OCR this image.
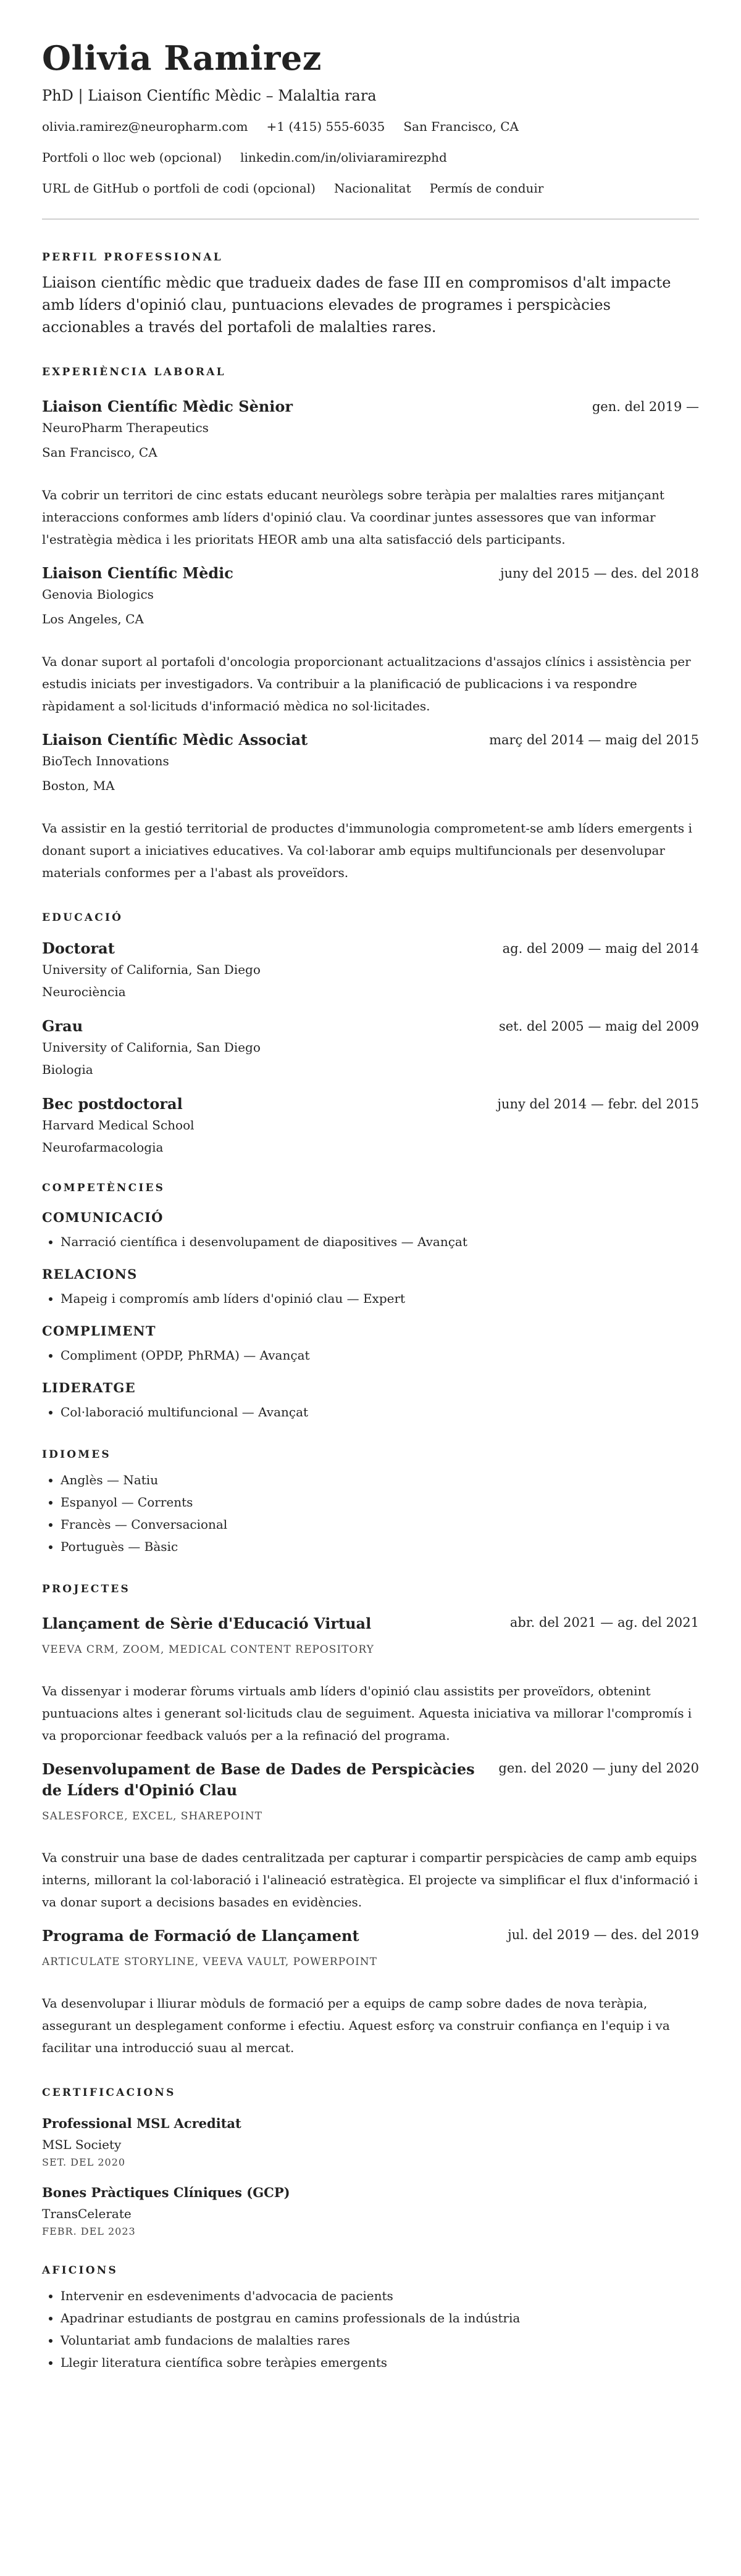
Olivia Ramirez
PhD | Liaison Científic Mèdic – Malaltia rara
olivia.ramirez@neuropharm.com +1 (415) 555-6035 San Francisco, CA
Portfoli o lloc web (opcional) linkedin.com/in/oliviaramirezphd
URL de GitHub o portfoli de codi (opcional) Nacionalitat Permís de conduir
PERFIL PROFESSIONAL

Liaison científic mèdic que tradueix dades de fase III en compromisos d'alt impacte amb líders d'opinió clau, puntuacions elevades de programes i perspicàcies accionables a través del portafoli de malalties rares.

EXPERIÈNCIA LABORAL
Liaison Científic Mèdic Sènior	gen. del 2019 —
NeuroPharm Therapeutics
San Francisco, CA
Va cobrir un territori de cinc estats educant neuròlegs sobre teràpia per malalties rares mitjançant interaccions conformes amb líders d'opinió clau. Va coordinar juntes assessores que van informar l'estratègia mèdica i les prioritats HEOR amb una alta satisfacció dels participants.
Liaison Científic Mèdic	juny del 2015 — des. del 2018
Genovia Biologics
Los Angeles, CA
Va donar suport al portafoli d'oncologia proporcionant actualitzacions d'assajos clínics i assistència per estudis iniciats per investigadors. Va contribuir a la planificació de publicacions i va respondre ràpidament a sol·licituds d'informació mèdica no sol·licitades.
Liaison Científic Mèdic Associat	març del 2014 — maig del 2015
BioTech Innovations
Boston, MA
Va assistir en la gestió territorial de productes d'immunologia comprometent-se amb líders emergents i donant suport a iniciatives educatives. Va col·laborar amb equips multifuncionals per desenvolupar materials conformes per a l'abast als proveïdors.
EDUCACIÓ
Doctorat	ag. del 2009 — maig del 2014
University of California, San Diego
Neurociència
Grau	set. del 2005 — maig del 2009
University of California, San Diego
Biologia
Bec postdoctoral	juny del 2014 — febr. del 2015
Harvard Medical School
Neurofarmacologia
COMPETÈNCIES
COMUNICACIÓ
• Narració científica i desenvolupament de diapositives — Avançat
RELACIONS
• Mapeig i compromís amb líders d'opinió clau — Expert
COMPLIMENT
• Compliment (OPDP, PhRMA) — Avançat
LIDERATGE
• Col·laboració multifuncional — Avançat
IDIOMES
• Anglès — Natiu
• Espanyol — Corrents
• Francès — Conversacional
• Portuguès — Bàsic
PROJECTES
Llançament de Sèrie d'Educació Virtual	abr. del 2021 — ag. del 2021
VEEVA CRM, ZOOM, MEDICAL CONTENT REPOSITORY
Va dissenyar i moderar fòrums virtuals amb líders d'opinió clau assistits per proveïdors, obtenint puntuacions altes i generant sol·licituds clau de seguiment. Aquesta iniciativa va millorar l'compromís i va proporcionar feedback valuós per a la refinació del programa.
Desenvolupament de Base de Dades de Perspicàcies de Líders d'Opinió Clau
gen. del 2020 — juny del 2020
SALESFORCE, EXCEL, SHAREPOINT
Va construir una base de dades centralitzada per capturar i compartir perspicàcies de camp amb equips interns, millorant la col·laboració i l'alineació estratègica. El projecte va simplificar el flux d'informació i va donar suport a decisions basades en evidències.
Programa de Formació de Llançament	jul. del 2019 — des. del 2019
ARTICULATE STORYLINE, VEEVA VAULT, POWERPOINT
Va desenvolupar i lliurar mòduls de formació per a equips de camp sobre dades de nova teràpia, assegurant un desplegament conforme i efectiu. Aquest esforç va construir confiança en l'equip i va facilitar una introducció suau al mercat.
CERTIFICACIONS
Professional MSL Acreditat
MSL Society
SET. DEL 2020
Bones Pràctiques Clíniques (GCP)
TransCelerate
FEBR. DEL 2023
AFICIONS
• Intervenir en esdeveniments d'advocacia de pacients
• Apadrinar estudiants de postgrau en camins professionals de la indústria
• Voluntariat amb fundacions de malalties rares
• Llegir literatura científica sobre teràpies emergents
